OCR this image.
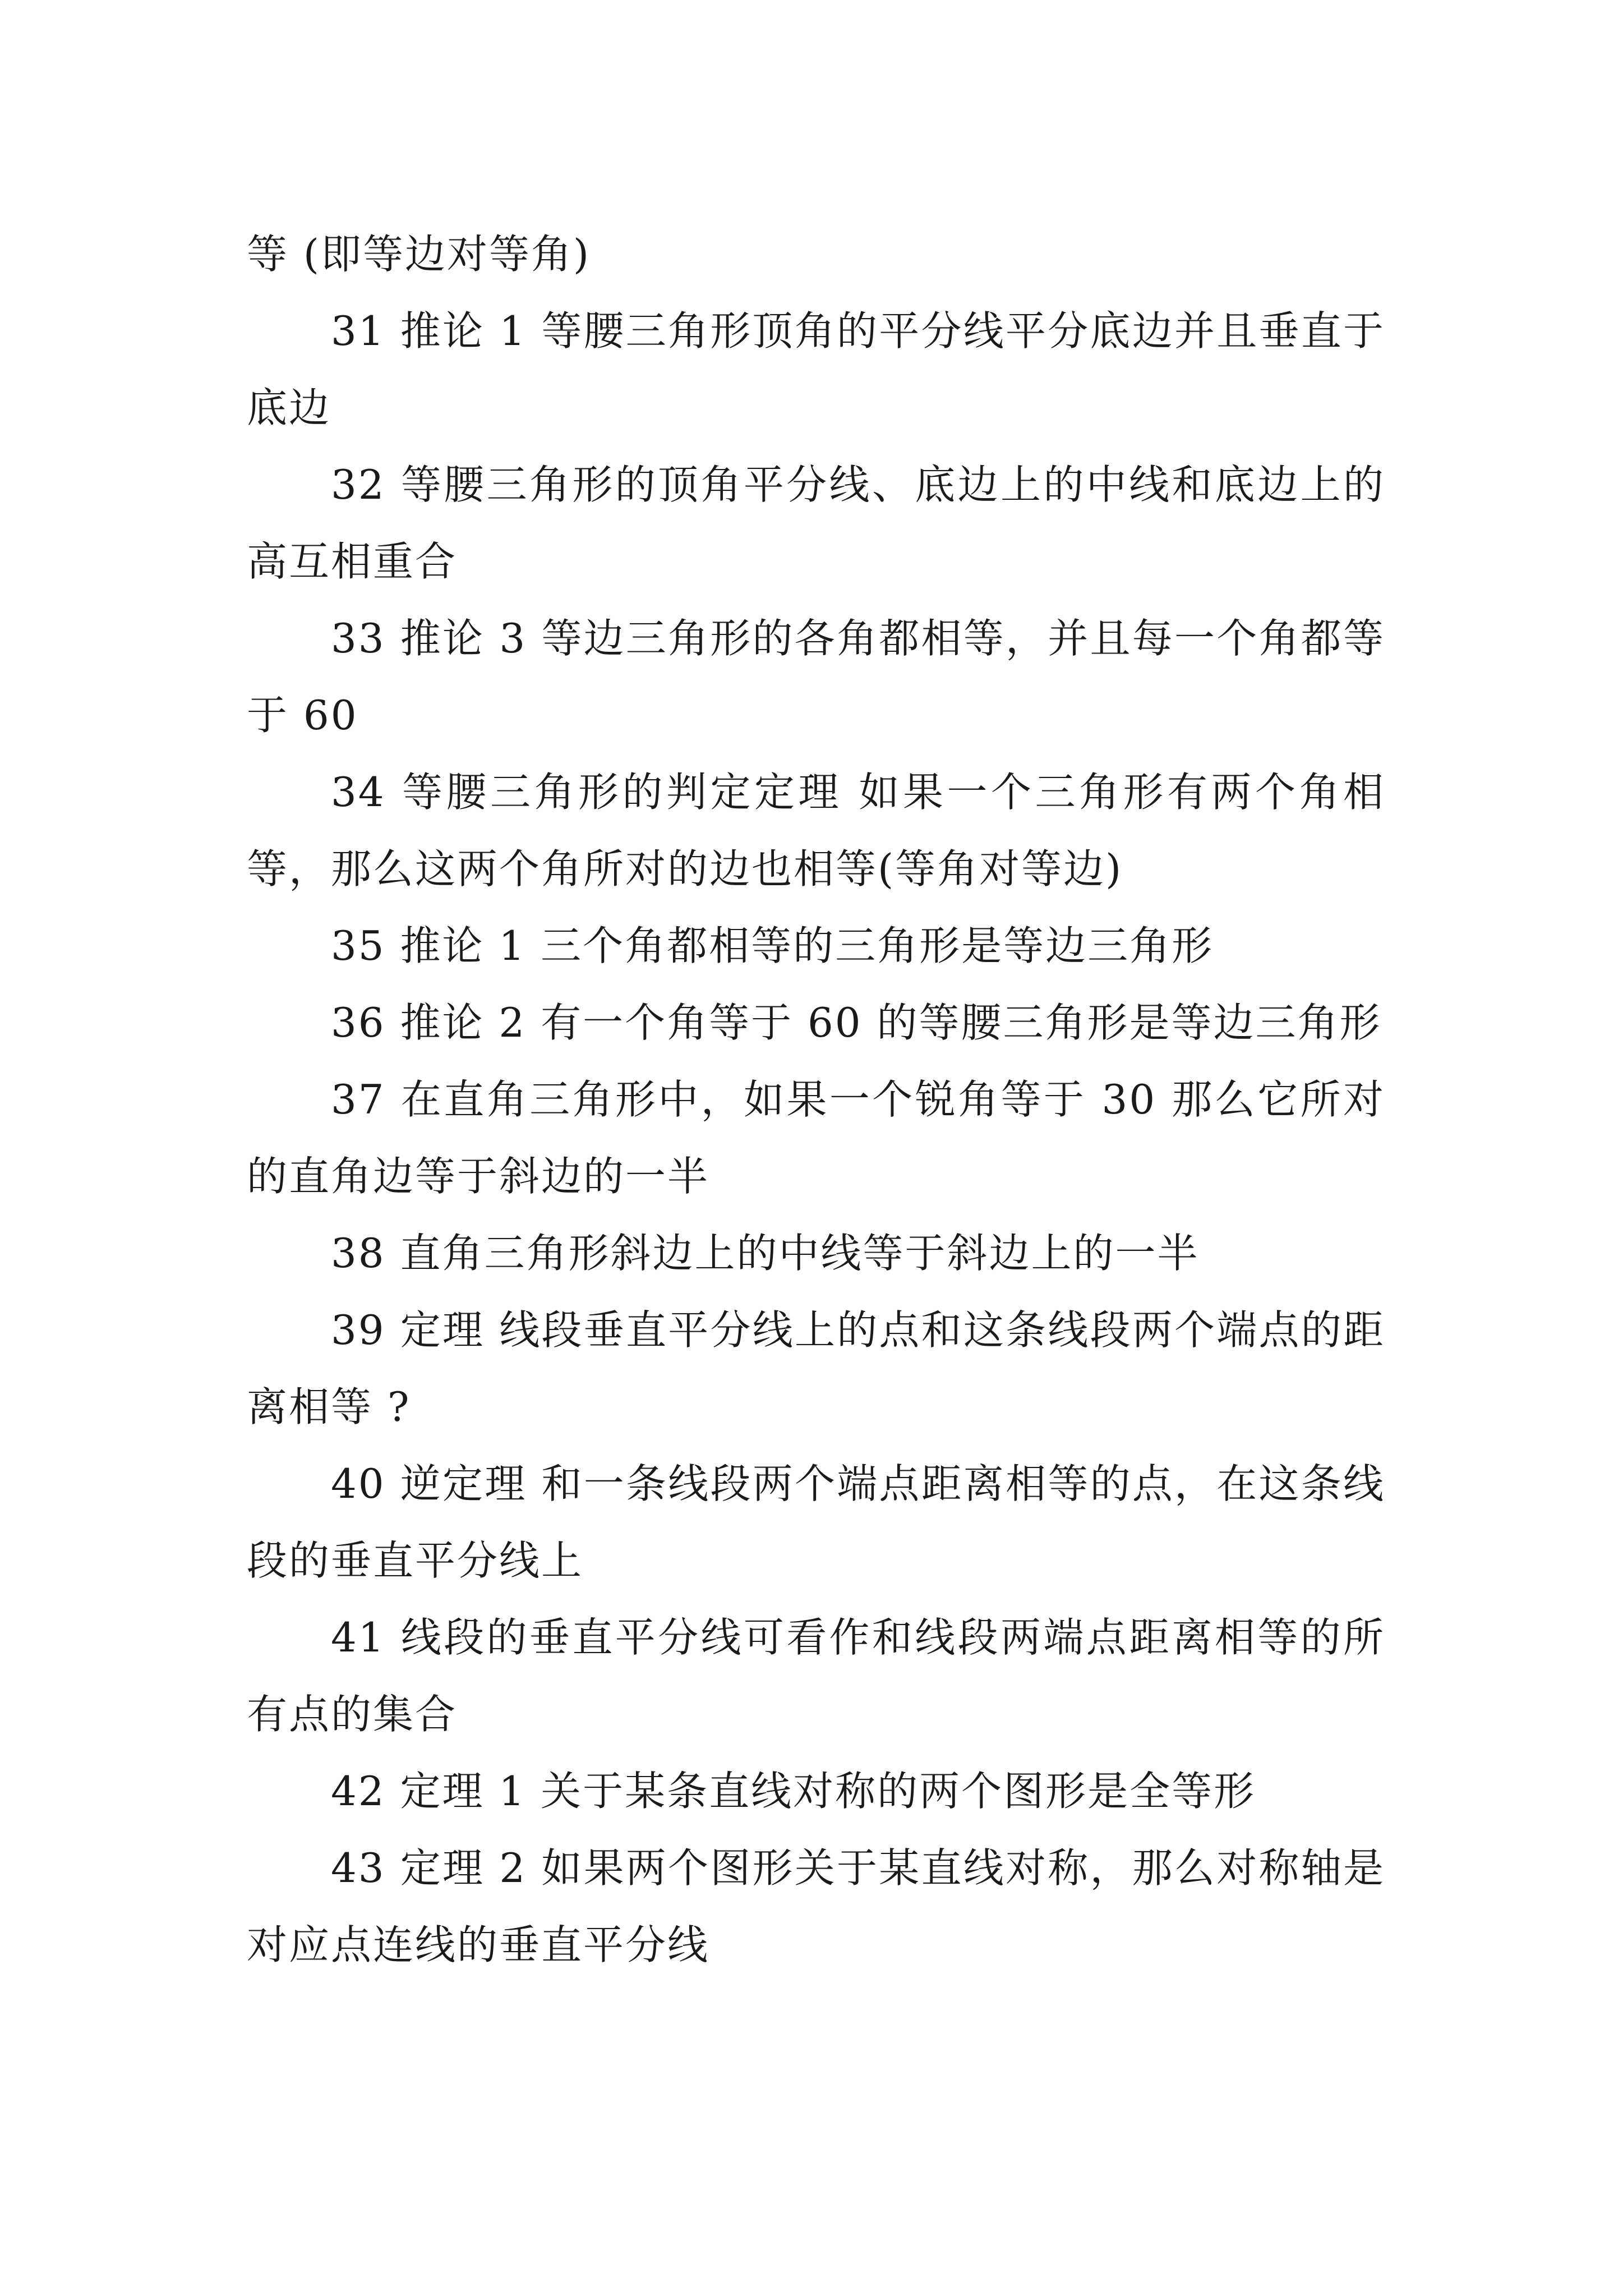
等 (即等边对等角)

31 推论 1 等腰三角形顶角的平分线平分底边并且垂直于底边

32 等腰三角形的顶角平分线、底边上的中线和底边上的高互相重合

33 推论 3 等边三角形的各角都相等，并且每一个角都等于 60

34 等腰三角形的判定定理 如果一个三角形有两个角相等，那么这两个角所对的边也相等(等角对等边)

35 推论 1 三个角都相等的三角形是等边三角形

36 推论 2 有一个角等于 60 的等腰三角形是等边三角形

37 在直角三角形中，如果一个锐角等于 30 那么它所对的直角边等于斜边的一半

38 直角三角形斜边上的中线等于斜边上的一半

39 定理 线段垂直平分线上的点和这条线段两个端点的距离相等 ?

40 逆定理 和一条线段两个端点距离相等的点，在这条线段的垂直平分线上

41 线段的垂直平分线可看作和线段两端点距离相等的所有点的集合

42 定理 1 关于某条直线对称的两个图形是全等形

43 定理 2 如果两个图形关于某直线对称，那么对称轴是对应点连线的垂直平分线
